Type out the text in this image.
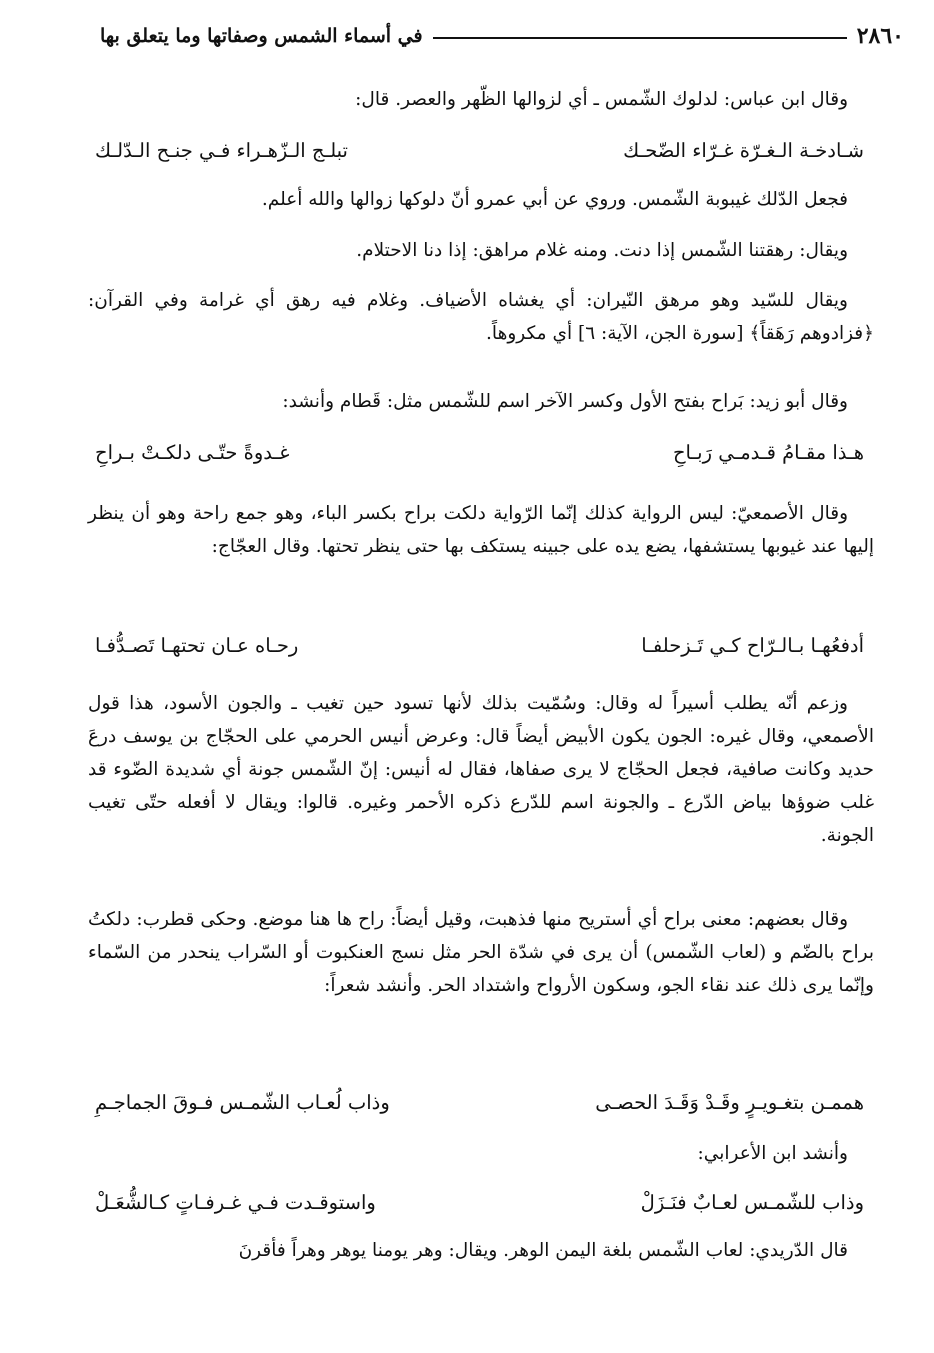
٢٨٦٠
في أسماء الشمس وصفاتها وما يتعلق بها
وقال ابن عباس: لدلوك الشّمس ـ أي لزوالها الظّهر والعصر. قال:
شـادخـة الـغـرّة غـرّاء الضّحـك
تبلـج الـزّهـراء فـي جنـح الـدّلـك
فجعل الدّلك غيبوبة الشّمس. وروي عن أبي عمرو أنّ دلوكها زوالها والله أعلم.
ويقال: رهقتنا الشّمس إذا دنت. ومنه غلام مراهق: إذا دنا الاحتلام.
ويقال للسّيد وهو مرهق النّيران: أي يغشاه الأضياف. وغلام فيه رهق أي غرامة وفي القرآن: ﴿فزادوهم رَهَقاً﴾ [سورة الجن، الآية: ٦] أي مكروهاً.
وقال أبو زيد: بَراح بفتح الأول وكسر الآخر اسم للشّمس مثل: قَطام وأنشد:
هـذا مقـامُ قـدمـي رَبـاحِ
غـدوةً حتّـى دلكـتْ بـراحِ
وقال الأصمعيّ: ليس الرواية كذلك إنّما الرّواية دلكت براح بكسر الباء، وهو جمع راحة وهو أن ينظر إليها عند غيوبها يستشفها، يضع يده على جبينه يستكف بها حتى ينظر تحتها. وقال العجّاج:
أدفعُهـا بـالـرّاح كـي تَـزحلفـا
رحـاه عـان تحتهـا تَصـدُّفـا
وزعم أنّه يطلب أسيراً له وقال: وسُمّيت بذلك لأنها تسود حين تغيب ـ والجون الأسود، هذا قول الأصمعي، وقال غيره: الجون يكون الأبيض أيضاً قال: وعرض أنيس الحرمي على الحجّاج بن يوسف درعَ حديد وكانت صافية، فجعل الحجّاج لا يرى صفاها، فقال له أنيس: إنّ الشّمس جونة أي شديدة الضّوء قد غلب ضوؤها بياض الدّرع ـ والجونة اسم للدّرع ذكره الأحمر وغيره. قالوا: ويقال لا أفعله حتّى تغيب الجونة.
وقال بعضهم: معنى براح أي أستريح منها فذهبت، وقيل أيضاً: راح ها هنا موضع. وحكى قطرب: دلكتُ براح بالضّم و (لعاب الشّمس) أن يرى في شدّة الحر مثل نسج العنكبوت أو السّراب ينحدر من السّماء وإنّما يرى ذلك عند نقاء الجو، وسكون الأرواح واشتداد الحر. وأنشد شعراً:
هممـن بتغـويـرٍ وقَـدْ وَقَـدَ الحصـى
وذاب لُعـاب الشّمـس فـوقَ الجماجـمِ
وأنشد ابن الأعرابي:
وذاب للشّمـس لعـابٌ فنَـزَلْ
واستوقـدت فـي غـرفـاتٍ كـالشُّعَـلْ
قال الدّريدي: لعاب الشّمس بلغة اليمن الوهر. ويقال: وهر يومنا يوهر وهراً فأقرنَ
